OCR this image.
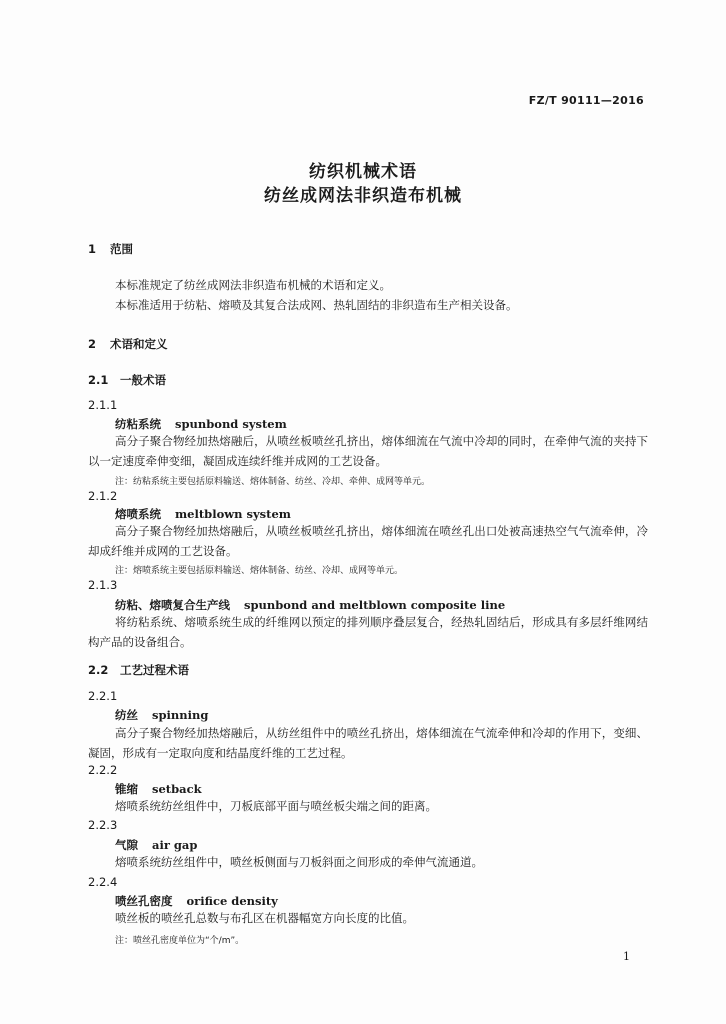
FZ/T 90111—2016
纺织机械术语
纺丝成网法非织造布机械
1 范围
本标准规定了纺丝成网法非织造布机械的术语和定义。
本标准适用于纺粘、熔喷及其复合法成网、热轧固结的非织造布生产相关设备。
2 术语和定义
2.1 一般术语
2.1.1
纺粘系统 spunbond system
高分子聚合物经加热熔融后，从喷丝板喷丝孔挤出，熔体细流在气流中冷却的同时，在牵伸气流的夹持下以一定速度牵伸变细，凝固成连续纤维并成网的工艺设备。
注：纺粘系统主要包括原料输送、熔体制备、纺丝、冷却、牵伸、成网等单元。
2.1.2
熔喷系统 meltblown system
高分子聚合物经加热熔融后，从喷丝板喷丝孔挤出，熔体细流在喷丝孔出口处被高速热空气气流牵伸，冷却成纤维并成网的工艺设备。
注：熔喷系统主要包括原料输送、熔体制备、纺丝、冷却、成网等单元。
2.1.3
纺粘、熔喷复合生产线 spunbond and meltblown composite line
将纺粘系统、熔喷系统生成的纤维网以预定的排列顺序叠层复合，经热轧固结后，形成具有多层纤维网结构产品的设备组合。
2.2 工艺过程术语
2.2.1
纺丝 spinning
高分子聚合物经加热熔融后，从纺丝组件中的喷丝孔挤出，熔体细流在气流牵伸和冷却的作用下，变细、凝固，形成有一定取向度和结晶度纤维的工艺过程。
2.2.2
锥缩 setback
熔喷系统纺丝组件中，刀板底部平面与喷丝板尖端之间的距离。
2.2.3
气隙 air gap
熔喷系统纺丝组件中，喷丝板侧面与刀板斜面之间形成的牵伸气流通道。
2.2.4
喷丝孔密度 orifice density
喷丝板的喷丝孔总数与布孔区在机器幅宽方向长度的比值。
注：喷丝孔密度单位为“个/m”。
1
